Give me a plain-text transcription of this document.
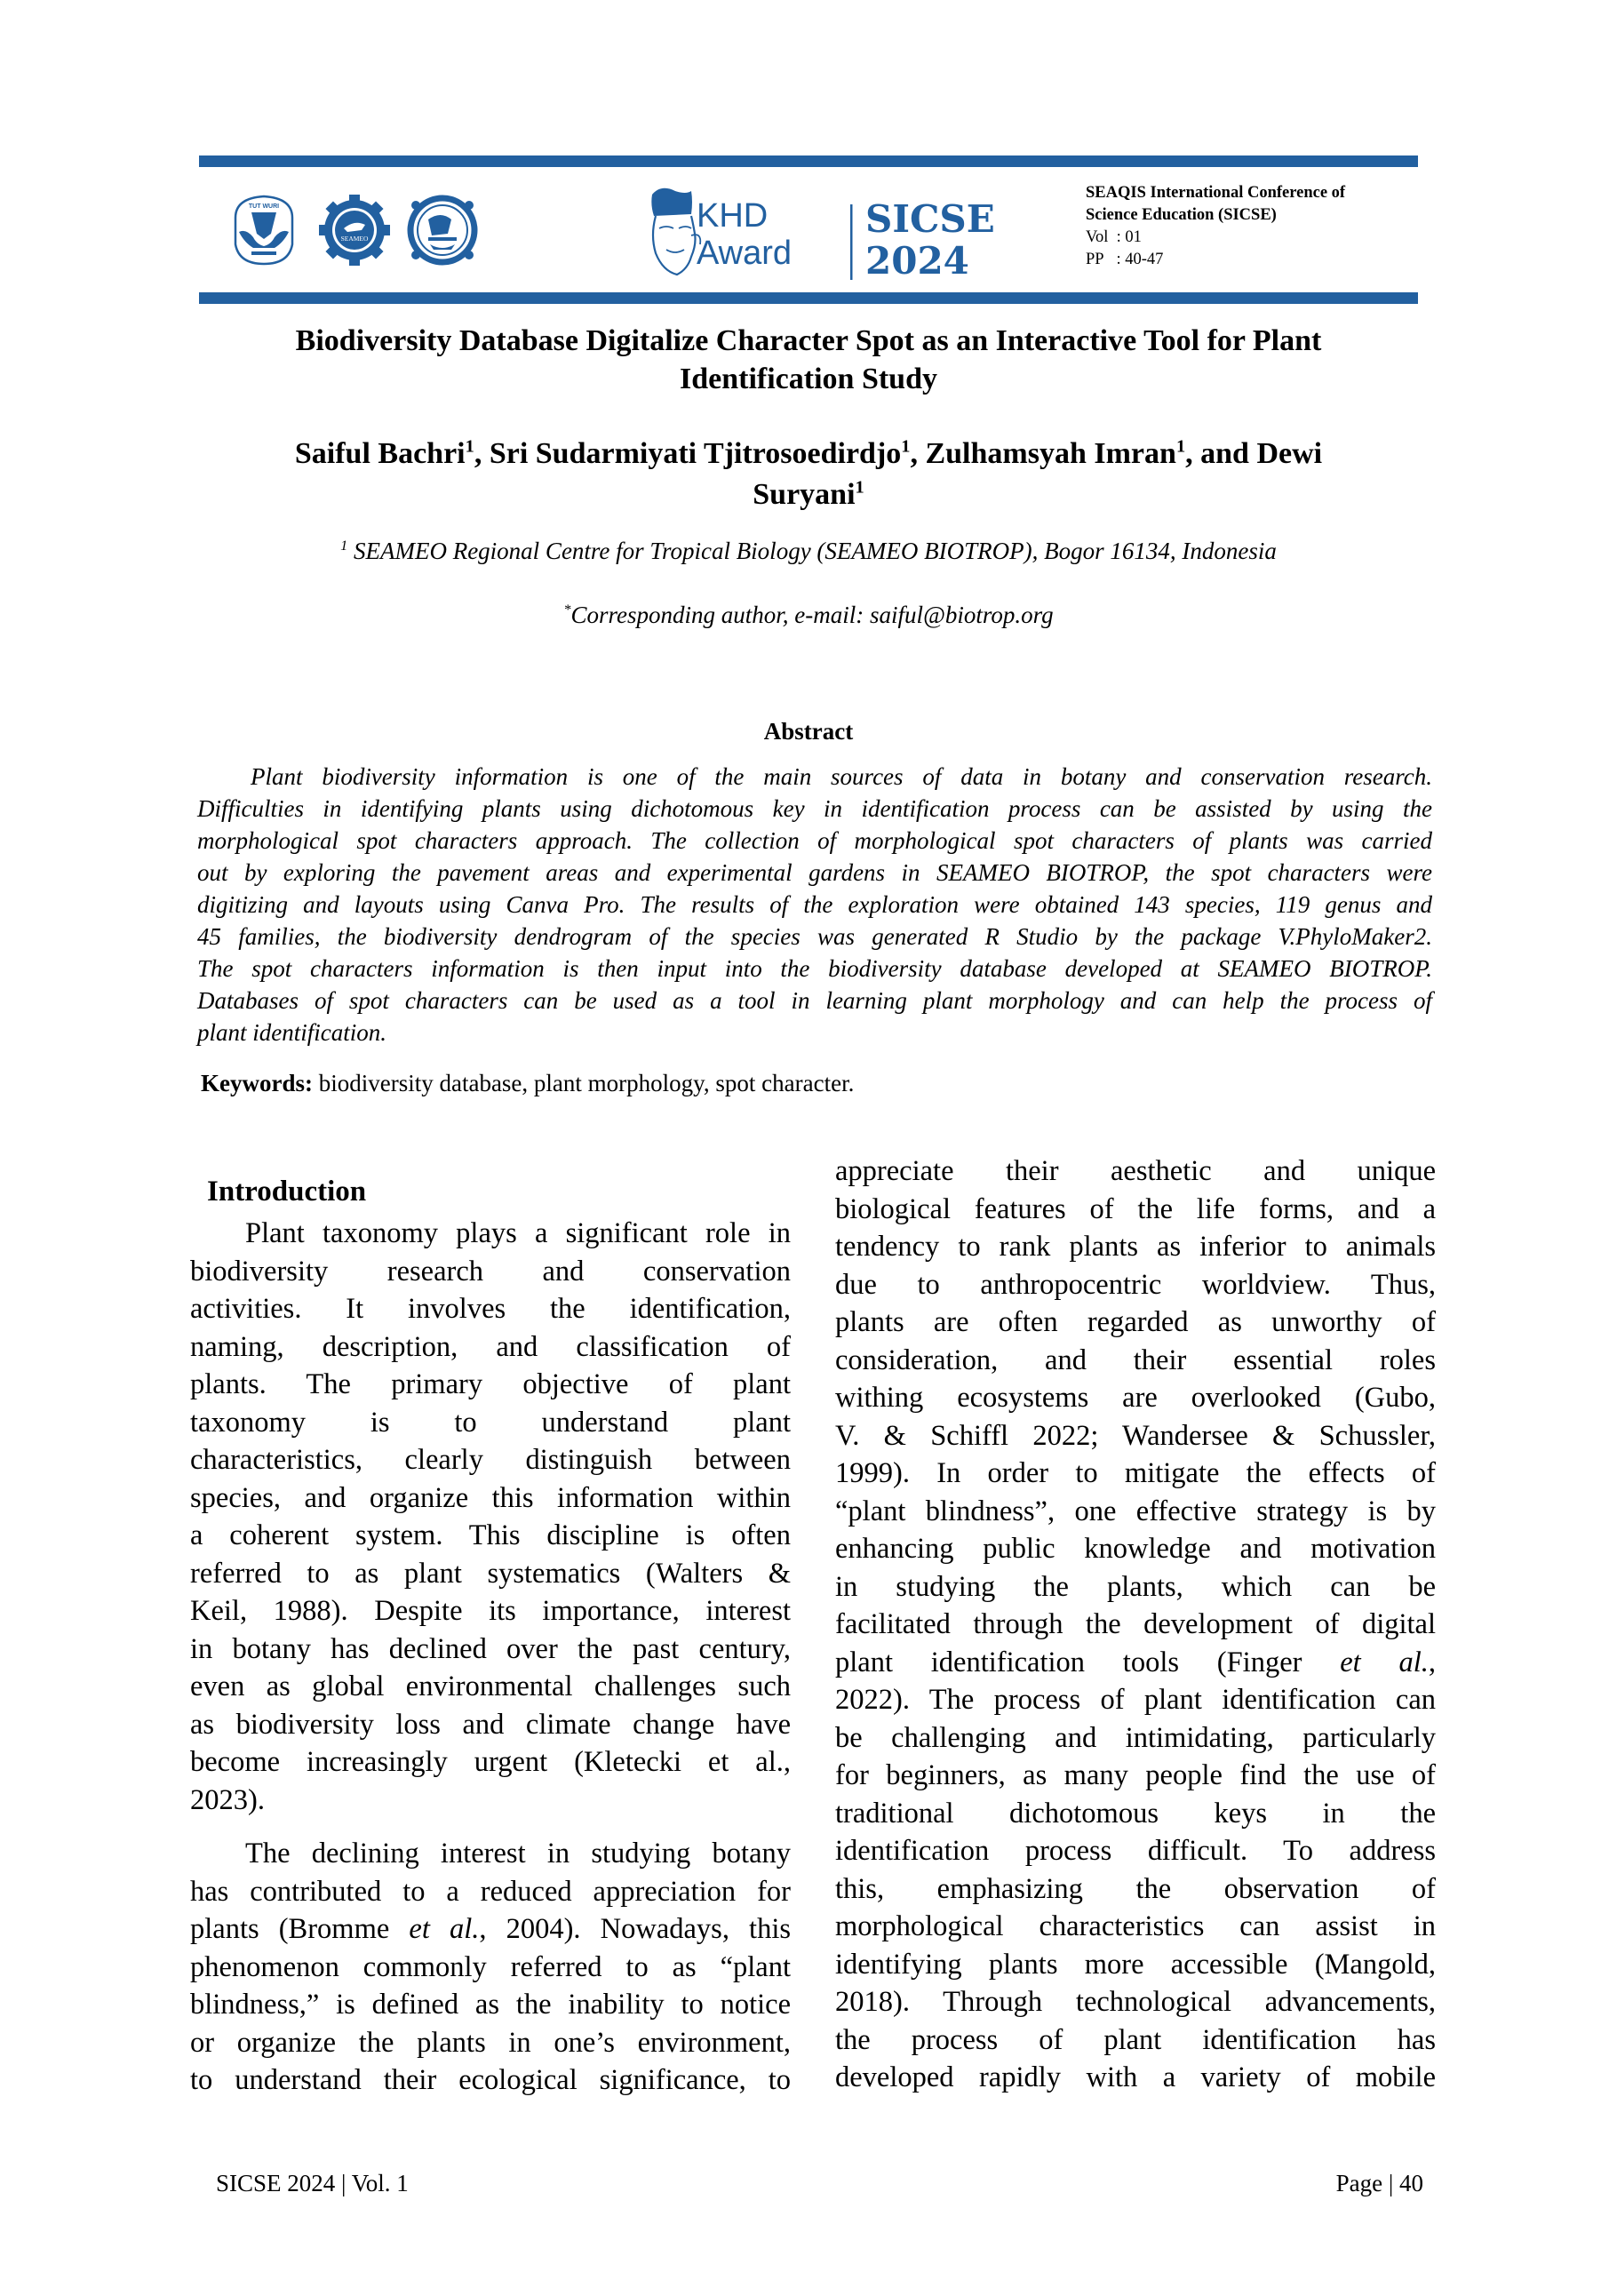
TUT WURI
SEAMEO
KHD
Award
SICSE
2024
SEAQIS International Conference of
Science Education (SICSE)
Vol : 01
PP : 40-47
Biodiversity Database Digitalize Character Spot as an Interactive Tool for Plant
Identification Study
Saiful Bachri$^1$, Sri Sudarmiyati Tjitrosoedirdjo$^1$, Zulhamsyah Imran$^1$, and Dewi
Suryani$^1$
$^1$ SEAMEO Regional Centre for Tropical Biology (SEAMEO BIOTROP), Bogor 16134, Indonesia
*Corresponding author, e-mail: saiful@biotrop.org
Abstract
Plant biodiversity information is one of the main sources of data in botany and conservation research.
Difficulties in identifying plants using dichotomous key in identification process can be assisted by using the
morphological spot characters approach. The collection of morphological spot characters of plants was carried
out by exploring the pavement areas and experimental gardens in SEAMEO BIOTROP, the spot characters were
digitizing and layouts using Canva Pro. The results of the exploration were obtained 143 species, 119 genus and
45 families, the biodiversity dendrogram of the species was generated R Studio by the package V.PhyloMaker2.
The spot characters information is then input into the biodiversity database developed at SEAMEO BIOTROP.
Databases of spot characters can be used as a tool in learning plant morphology and can help the process of
plant identification.
Keywords: biodiversity database, plant morphology, spot character.
Introduction
Plant taxonomy plays a significant role in
biodiversity research and conservation
activities. It involves the identification,
naming, description, and classification of
plants. The primary objective of plant
taxonomy is to understand plant
characteristics, clearly distinguish between
species, and organize this information within
a coherent system. This discipline is often
referred to as plant systematics (Walters &
Keil, 1988). Despite its importance, interest
in botany has declined over the past century,
even as global environmental challenges such
as biodiversity loss and climate change have
become increasingly urgent (Kletecki et al.,
2023).
The declining interest in studying botany
has contributed to a reduced appreciation for
plants (Bromme et al., 2004). Nowadays, this
phenomenon commonly referred to as “plant
blindness,” is defined as the inability to notice
or organize the plants in one’s environment,
to understand their ecological significance, to
appreciate their aesthetic and unique
biological features of the life forms, and a
tendency to rank plants as inferior to animals
due to anthropocentric worldview. Thus,
plants are often regarded as unworthy of
consideration, and their essential roles
withing ecosystems are overlooked (Gubo,
V. & Schiffl 2022; Wandersee & Schussler,
1999). In order to mitigate the effects of
“plant blindness”, one effective strategy is by
enhancing public knowledge and motivation
in studying the plants, which can be
facilitated through the development of digital
plant identification tools (Finger et al.,
2022). The process of plant identification can
be challenging and intimidating, particularly
for beginners, as many people find the use of
traditional dichotomous keys in the
identification process difficult. To address
this, emphasizing the observation of
morphological characteristics can assist in
identifying plants more accessible (Mangold,
2018). Through technological advancements,
the process of plant identification has
developed rapidly with a variety of mobile
SICSE 2024 | Vol. 1	Page | 40
